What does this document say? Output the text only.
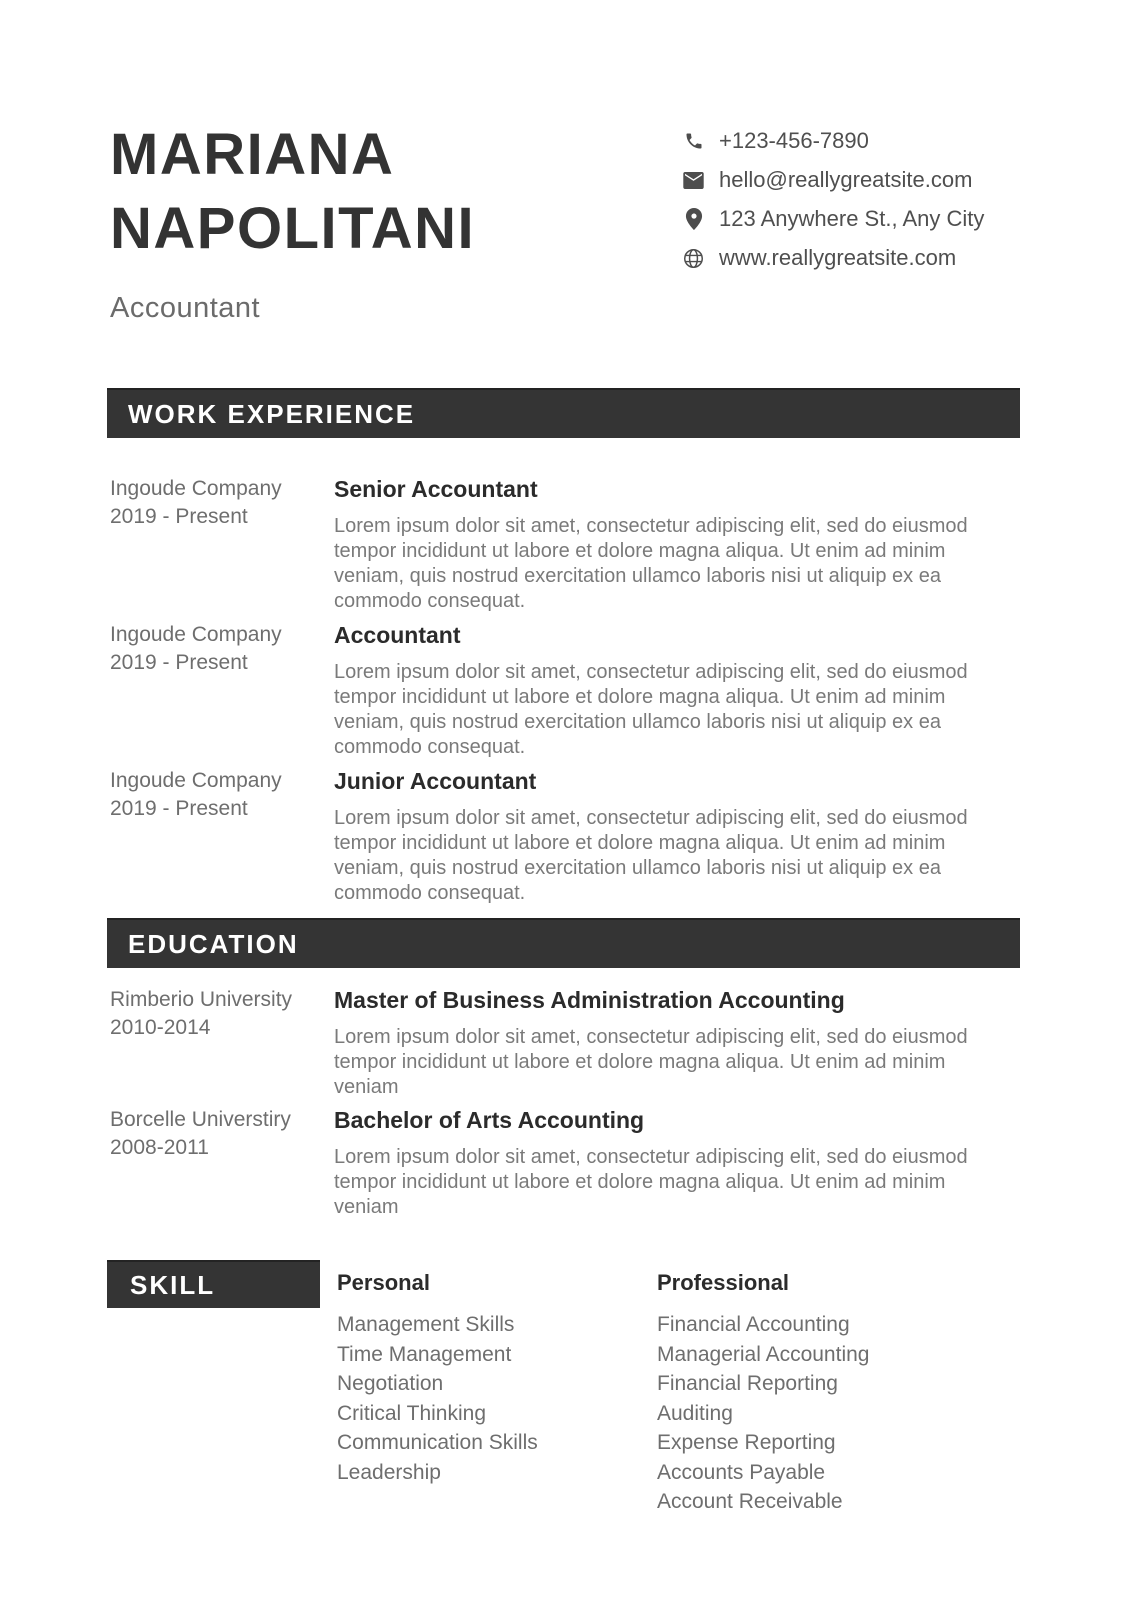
MARIANA
NAPOLITANI
Accountant
+123-456-7890
hello@reallygreatsite.com
123 Anywhere St., Any City
www.reallygreatsite.com
WORK EXPERIENCE
Ingoude Company
2019 - Present
Senior Accountant
Lorem ipsum dolor sit amet, consectetur adipiscing elit, sed do eiusmod tempor incididunt ut labore et dolore magna aliqua. Ut enim ad minim veniam, quis nostrud exercitation ullamco laboris nisi ut aliquip ex ea commodo consequat.
Ingoude Company
2019 - Present
Accountant
Lorem ipsum dolor sit amet, consectetur adipiscing elit, sed do eiusmod tempor incididunt ut labore et dolore magna aliqua. Ut enim ad minim veniam, quis nostrud exercitation ullamco laboris nisi ut aliquip ex ea commodo consequat.
Ingoude Company
2019 - Present
Junior Accountant
Lorem ipsum dolor sit amet, consectetur adipiscing elit, sed do eiusmod tempor incididunt ut labore et dolore magna aliqua. Ut enim ad minim veniam, quis nostrud exercitation ullamco laboris nisi ut aliquip ex ea commodo consequat.
EDUCATION
Rimberio University
2010-2014
Master of Business Administration Accounting
Lorem ipsum dolor sit amet, consectetur adipiscing elit, sed do eiusmod tempor incididunt ut labore et dolore magna aliqua. Ut enim ad minim veniam
Borcelle Universtiry
2008-2011
Bachelor of Arts Accounting
Lorem ipsum dolor sit amet, consectetur adipiscing elit, sed do eiusmod tempor incididunt ut labore et dolore magna aliqua. Ut enim ad minim veniam
SKILL	Personal
Management Skills
Time Management
Negotiation
Critical Thinking
Communication Skills
Leadership
Professional
Financial Accounting
Managerial Accounting
Financial Reporting
Auditing
Expense Reporting
Accounts Payable
Account Receivable
